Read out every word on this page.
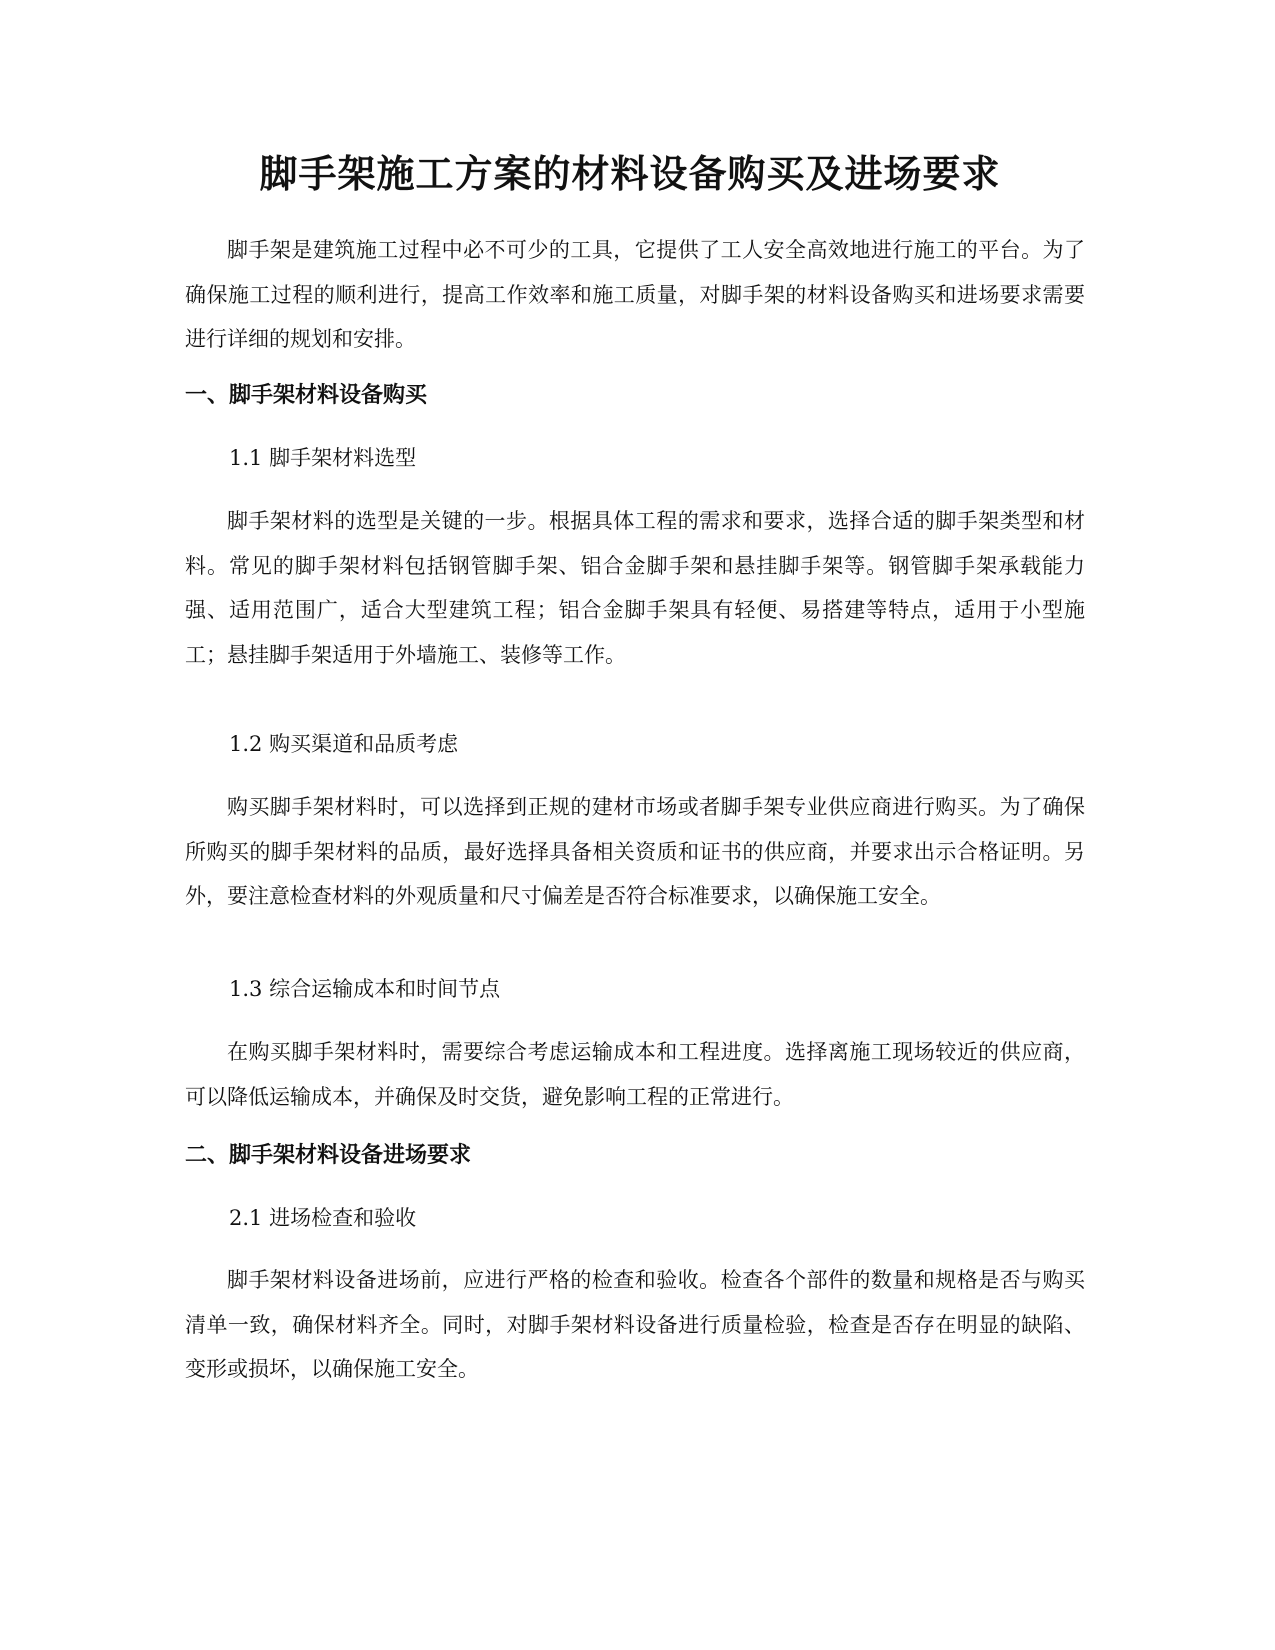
脚手架施工方案的材料设备购买及进场要求
脚手架是建筑施工过程中必不可少的工具，它提供了工人安全高效地进行施工的平台。为了确保施工过程的顺利进行，提高工作效率和施工质量，对脚手架的材料设备购买和进场要求需要进行详细的规划和安排。
一、脚手架材料设备购买
1.1 脚手架材料选型
脚手架材料的选型是关键的一步。根据具体工程的需求和要求，选择合适的脚手架类型和材料。常见的脚手架材料包括钢管脚手架、铝合金脚手架和悬挂脚手架等。钢管脚手架承载能力强、适用范围广，适合大型建筑工程；铝合金脚手架具有轻便、易搭建等特点，适用于小型施工；悬挂脚手架适用于外墙施工、装修等工作。
1.2 购买渠道和品质考虑
购买脚手架材料时，可以选择到正规的建材市场或者脚手架专业供应商进行购买。为了确保所购买的脚手架材料的品质，最好选择具备相关资质和证书的供应商，并要求出示合格证明。另外，要注意检查材料的外观质量和尺寸偏差是否符合标准要求，以确保施工安全。
1.3 综合运输成本和时间节点
在购买脚手架材料时，需要综合考虑运输成本和工程进度。选择离施工现场较近的供应商，可以降低运输成本，并确保及时交货，避免影响工程的正常进行。
二、脚手架材料设备进场要求
2.1 进场检查和验收
脚手架材料设备进场前，应进行严格的检查和验收。检查各个部件的数量和规格是否与购买清单一致，确保材料齐全。同时，对脚手架材料设备进行质量检验，检查是否存在明显的缺陷、变形或损坏，以确保施工安全。
